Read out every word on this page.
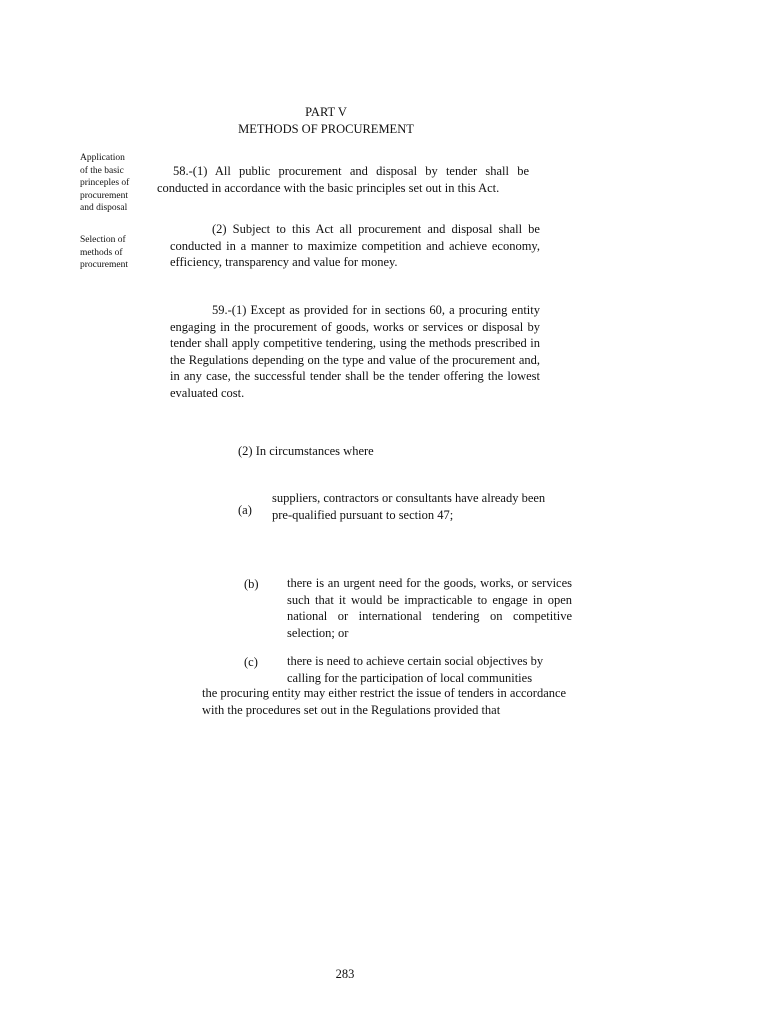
PART V
METHODS OF PROCUREMENT
Application
of the basic
princeples of
procurement
and disposal
Selection of
methods of
procurement
58.-(1) All public procurement and disposal by tender shall be
conducted in accordance with the basic principles set out in this Act.
(2) Subject to this Act all procurement and disposal shall be
conducted in a manner to maximize competition and achieve economy,
efficiency, transparency and value for money.
59.-(1) Except as provided for in sections 60, a procuring entity
engaging in the procurement of goods, works or services or disposal by
tender shall apply competitive tendering, using the methods prescribed in
the Regulations depending on the type and value of the procurement and,
in any case, the successful tender shall be the tender offering the lowest
evaluated cost.
(2) In circumstances where
(a)
suppliers, contractors or consultants have already been
pre-qualified pursuant to section 47;
(b) there is an urgent need for the goods, works, or services
such that it would be impracticable to engage in open
national or international tendering on competitive
selection; or
(c) there is need to achieve certain social objectives by
calling for the participation of local communities
the procuring entity may either restrict the issue of tenders in accordance
with the procedures set out in the Regulations provided that
283
